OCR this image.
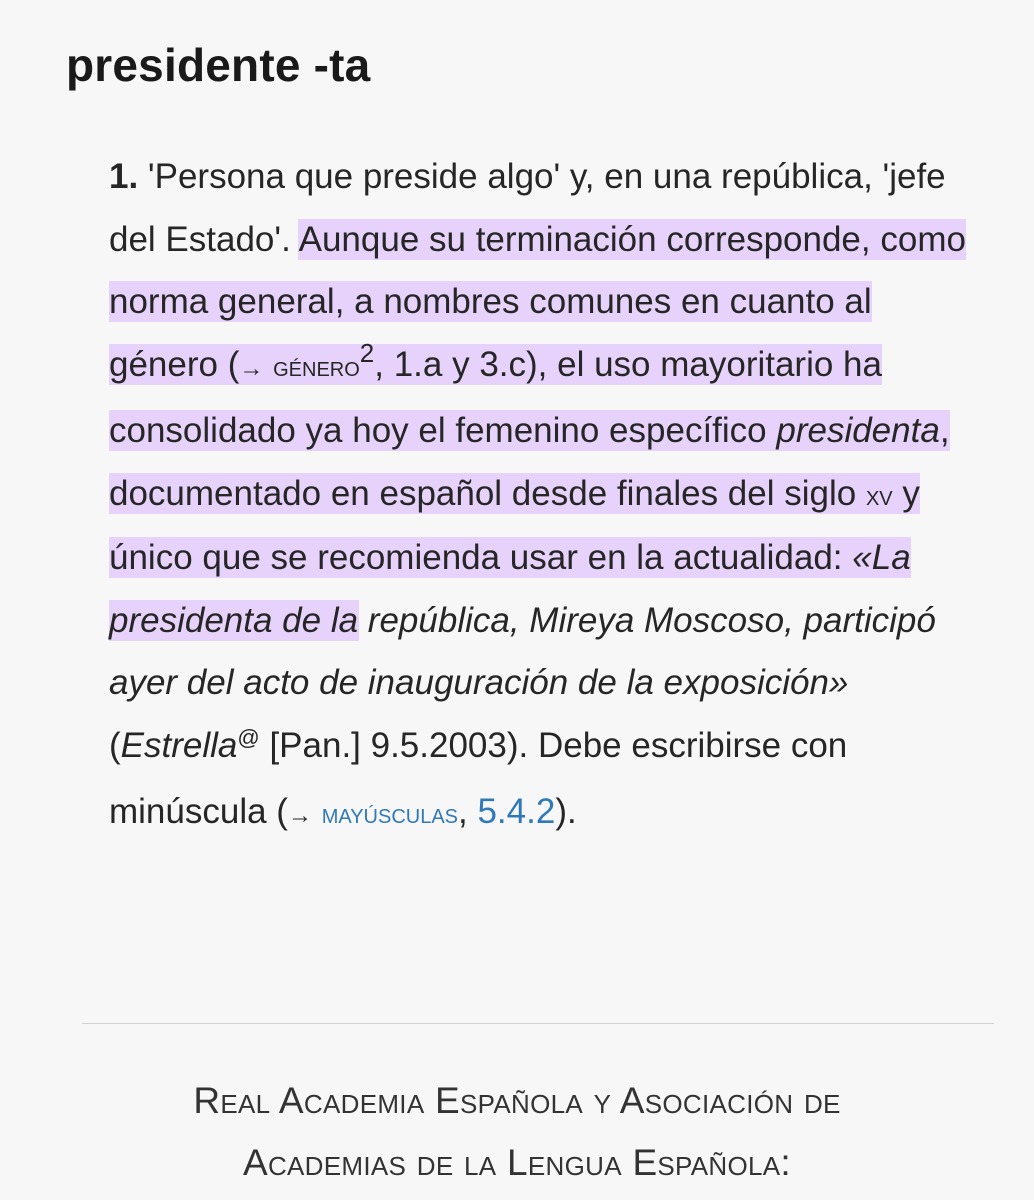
presidente -ta

1. 'Persona que preside algo' y, en una república, 'jefe del Estado'. Aunque su terminación corresponde, como norma general, a nombres comunes en cuanto al género (→ género$^2$, 1.a y 3.c), el uso mayoritario ha consolidado ya hoy el femenino específico presidenta, documentado en español desde finales del siglo xv y único que se recomienda usar en la actualidad: «La presidenta de la república, Mireya Moscoso, participó ayer del acto de inauguración de la exposición» (Estrella@ [Pan.] 9.5.2003). Debe escribirse con minúscula (→ mayúsculas, 5.4.2).

Real Academia Española y Asociación de
Academias de la Lengua Española:
